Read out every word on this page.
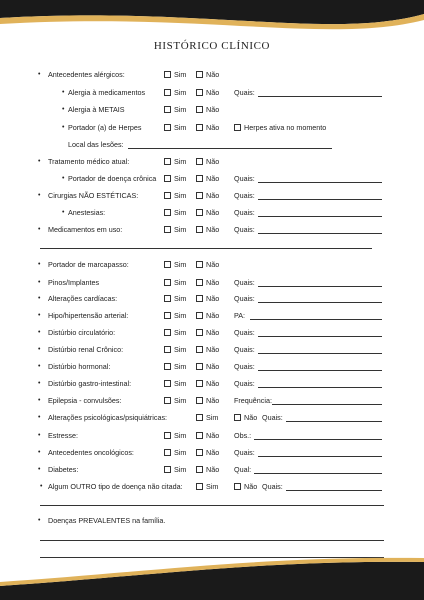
HISTÓRICO CLÍNICO
• Antecedentes alérgicos:	Sim	Não
• Alergia à medicamentos	Sim	Não Quais:
• Alergia à METAIS	Sim	Não
• Portador (a) de Herpes	Sim	Não	Herpes ativa no momento
Local das lesões:
• Tratamento médico atual:	Sim	Não
• Portador de doença crônica	Sim	Não Quais:
• Cirurgias NÃO ESTÉTICAS:	Sim	Não Quais:
• Anestesias:	Sim	Não Quais:
• Medicamentos em uso:	Sim	Não Quais:
• Portador de marcapasso:	Sim	Não
• Pinos/Implantes	Sim	Não Quais:
• Alterações cardíacas:	Sim	Não Quais:
• Hipo/hipertensão arterial:	Sim	Não PA:
• Distúrbio circulatório:	Sim	Não Quais:
• Distúrbio renal Crônico:	Sim	Não Quais:
• Distúrbio hormonal:	Sim	Não Quais:
• Distúrbio gastro-intestinal:	Sim	Não Quais:
• Epilepsia - convulsões:	Sim	Não Frequência:
• Alterações psicológicas/psiquiátricas:	Sim	Não Quais:
• Estresse:	Sim	Não Obs.:
• Antecedentes oncológicos:	Sim	Não Quais:
• Diabetes:	Sim	Não Qual:
• Algum OUTRO tipo de doença não citada:	Sim	Não Quais:
• Doenças PREVALENTES na família.
